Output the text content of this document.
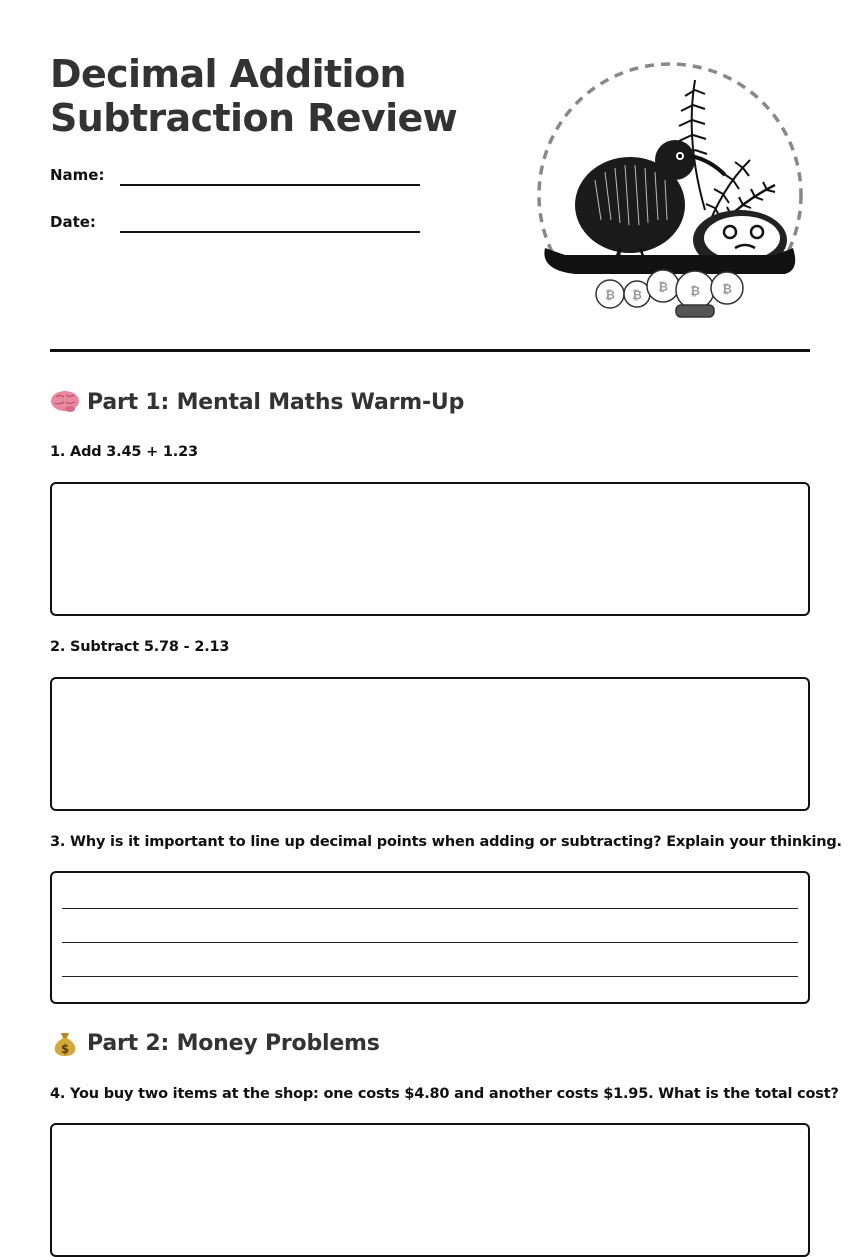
Decimal Addition Subtraction Review
Name:
Date:
₿ ₿
₿ ₿ ₿
Part 1: Mental Maths Warm-Up

1. Add 3.45 + 1.23

2. Subtract 5.78 - 2.13

3. Why is it important to line up decimal points when adding or subtracting? Explain your thinking.

$ Part 2: Money Problems

4. You buy two items at the shop: one costs $4.80 and another costs $1.95. What is the total cost?
